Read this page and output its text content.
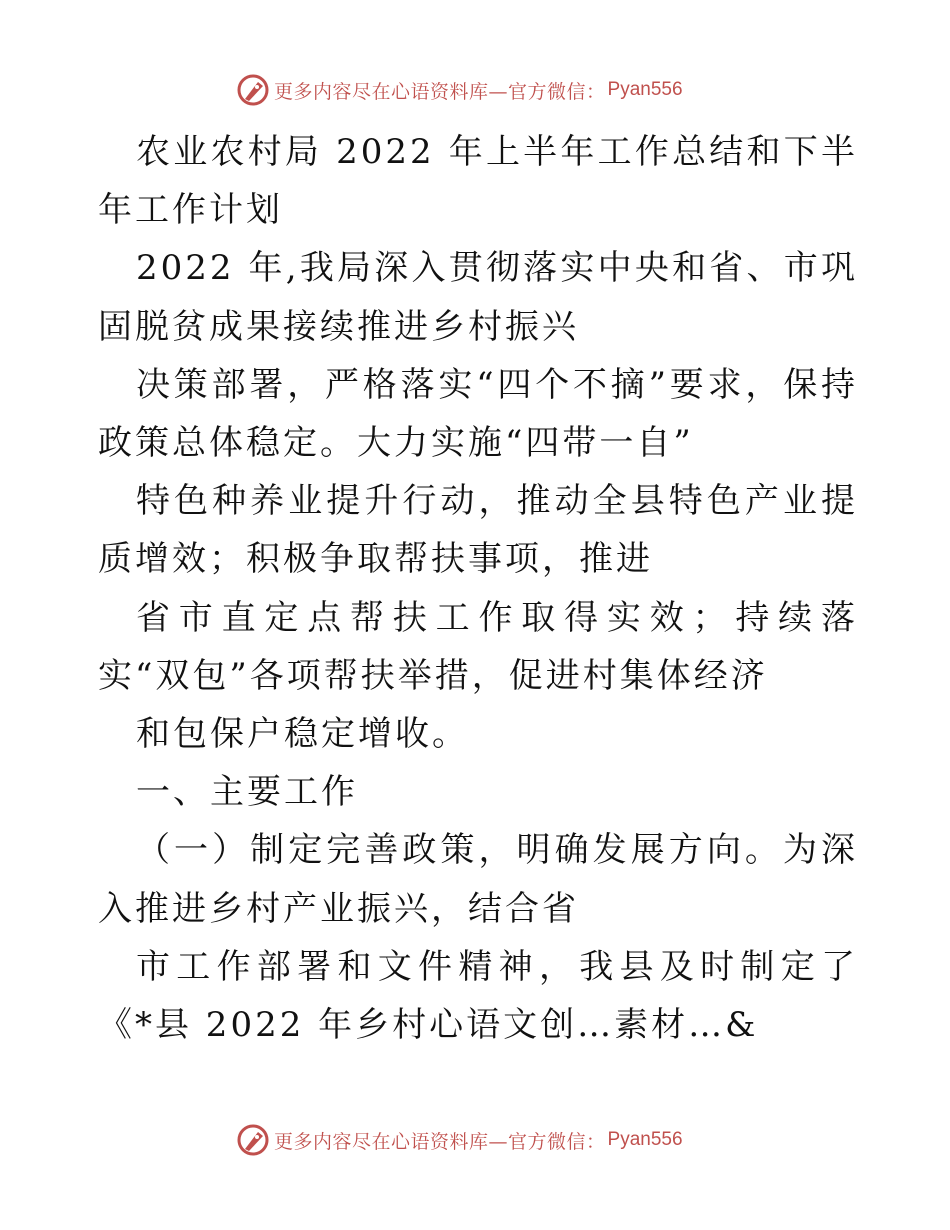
更多内容尽在心语资料库—官方微信： Pyan556

农业农村局 2022 年上半年工作总结和下半年工作计划

2022 年,我局深入贯彻落实中央和省、市巩固脱贫成果接续推进乡村振兴

决策部署，严格落实“四个不摘”要求，保持政策总体稳定。大力实施“四带一自”

特色种养业提升行动，推动全县特色产业提质增效；积极争取帮扶事项，推进

省市直定点帮扶工作取得实效；持续落实“双包”各项帮扶举措，促进村集体经济

和包保户稳定增收。

一、主要工作

（一）制定完善政策，明确发展方向。为深入推进乡村产业振兴，结合省

市工作部署和文件精神，我县及时制定了《*县 2022 年乡村心语文创…素材…&

更多内容尽在心语资料库—官方微信： Pyan556
